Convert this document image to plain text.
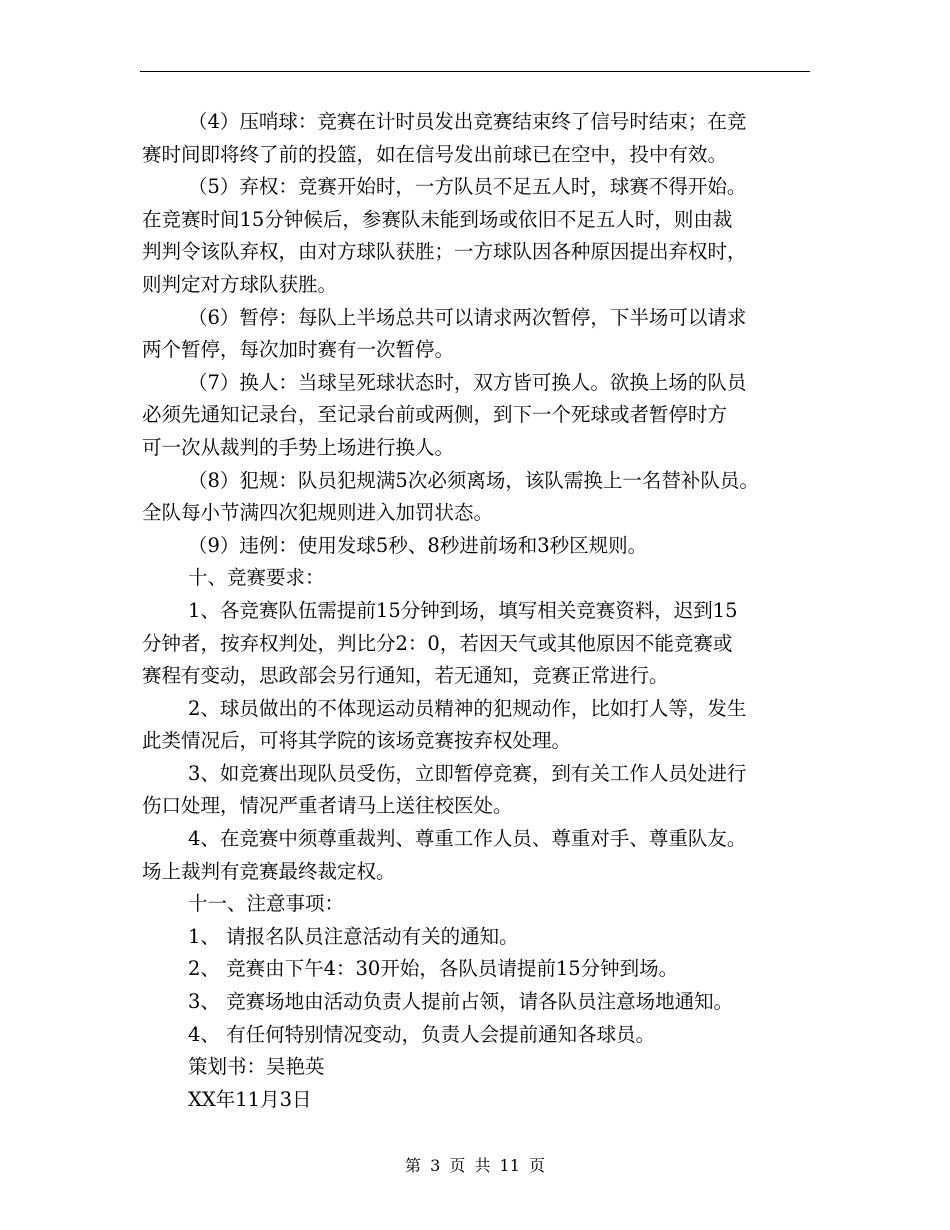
（4）压哨球：竞赛在计时员发出竞赛结束终了信号时结束；在竞
赛时间即将终了前的投篮，如在信号发出前球已在空中，投中有效。
（5）弃权：竞赛开始时，一方队员不足五人时，球赛不得开始。
在竞赛时间15分钟候后，参赛队未能到场或依旧不足五人时，则由裁
判判令该队弃权，由对方球队获胜；一方球队因各种原因提出弃权时，
则判定对方球队获胜。
（6）暂停：每队上半场总共可以请求两次暂停，下半场可以请求
两个暂停，每次加时赛有一次暂停。
（7）换人：当球呈死球状态时，双方皆可换人。欲换上场的队员
必须先通知记录台，至记录台前或两侧，到下一个死球或者暂停时方
可一次从裁判的手势上场进行换人。
（8）犯规：队员犯规满5次必须离场，该队需换上一名替补队员。
全队每小节满四次犯规则进入加罚状态。
（9）违例：使用发球5秒、8秒进前场和3秒区规则。
十、竞赛要求：
1、各竞赛队伍需提前15分钟到场，填写相关竞赛资料，迟到15
分钟者，按弃权判处，判比分2：0，若因天气或其他原因不能竞赛或
赛程有变动，思政部会另行通知，若无通知，竞赛正常进行。
2、球员做出的不体现运动员精神的犯规动作，比如打人等，发生
此类情况后，可将其学院的该场竞赛按弃权处理。
3、如竞赛出现队员受伤，立即暂停竞赛，到有关工作人员处进行
伤口处理，情况严重者请马上送往校医处。
4、在竞赛中须尊重裁判、尊重工作人员、尊重对手、尊重队友。
场上裁判有竞赛最终裁定权。
十一、注意事项：
1、 请报名队员注意活动有关的通知。
2、 竞赛由下午4：30开始，各队员请提前15分钟到场。
3、 竞赛场地由活动负责人提前占领，请各队员注意场地通知。
4、 有任何特别情况变动，负责人会提前通知各球员。
策划书：吴艳英
XX年11月3日
第 3 页 共 11 页
